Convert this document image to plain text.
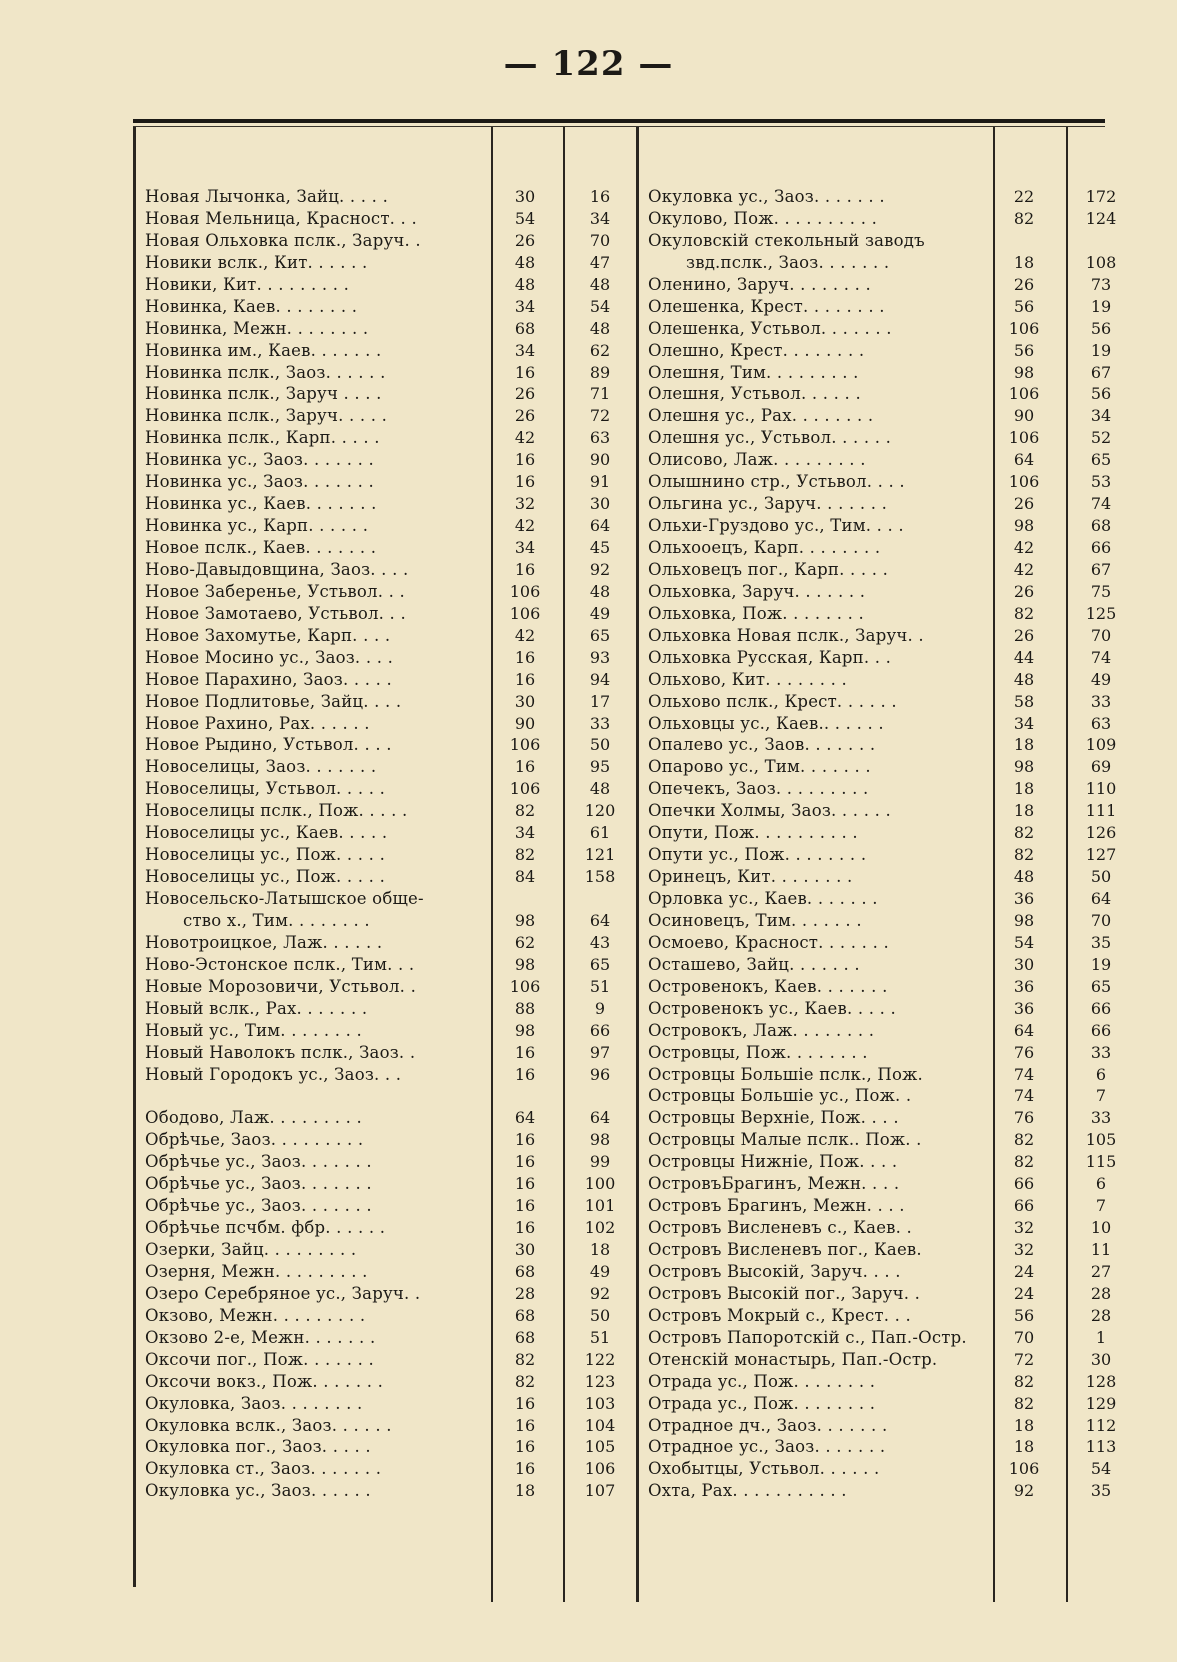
— 122 —
Новая Лычонка, Зайц. . . . .	30	16
Новая Мельница, Красност. . .	54	34
Новая Ольховка пслк., Заруч. .	26	70
Новики вслк., Кит. . . . . .	48	47
Новики, Кит. . . . . . . . .	48	48
Новинка, Каев. . . . . . . .	34	54
Новинка, Межн. . . . . . . .	68	48
Новинка им., Каев. . . . . . .	34	62
Новинка пслк., Заоз. . . . . .	16	89
Новинка пслк., Заруч . . . .	26	71
Новинка пслк., Заруч. . . . .	26	72
Новинка пслк., Карп. . . . .	42	63
Новинка ус., Заоз. . . . . . .	16	90
Новинка ус., Заоз. . . . . . .	16	91
Новинка ус., Каев. . . . . . .	32	30
Новинка ус., Карп. . . . . .	42	64
Новое пслк., Каев. . . . . . .	34	45
Ново-Давыдовщина, Заоз. . . .	16	92
Новое Заберенье, Устьвол. . .	106	48
Новое Замотаево, Устьвол. . .	106	49
Новое Захомутье, Карп. . . .	42	65
Новое Мосино ус., Заоз. . . .	16	93
Новое Парахино, Заоз. . . . .	16	94
Новое Подлитовье, Зайц. . . .	30	17
Новое Рахино, Рах. . . . . .	90	33
Новое Рыдино, Устьвол. . . .	106	50
Новоселицы, Заоз. . . . . . .	16	95
Новоселицы, Устьвол. . . . .	106	48
Новоселицы пслк., Пож. . . . .	82	120
Новоселицы ус., Каев. . . . .	34	61
Новоселицы ус., Пож. . . . .	82	121
Новоселицы ус., Пож. . . . .	84	158
Новосельско-Латышское обще-
ство х., Тим. . . . . . . .	98	64
Новотроицкое, Лаж. . . . . .	62	43
Ново-Эстонское пслк., Тим. . .	98	65
Новые Морозовичи, Устьвол. .	106	51
Новый вслк., Рах. . . . . . .	88	9
Новый ус., Тим. . . . . . . .	98	66
Новый Наволокъ пслк., Заоз. .	16	97
Новый Городокъ ус., Заоз. . .	16	96
Ободово, Лаж. . . . . . . . .	64	64
Обрѣчье, Заоз. . . . . . . . .	16	98
Обрѣчье ус., Заоз. . . . . . .	16	99
Обрѣчье ус., Заоз. . . . . . .	16	100
Обрѣчье ус., Заоз. . . . . . .	16	101
Обрѣчье псчбм. фбр. . . . . .	16	102
Озерки, Зайц. . . . . . . . .	30	18
Озерня, Межн. . . . . . . . .	68	49
Озеро Серебряное ус., Заруч. .	28	92
Окзово, Межн. . . . . . . . .	68	50
Окзово 2-е, Межн. . . . . . .	68	51
Оксочи пог., Пож. . . . . . .	82	122
Оксочи вокз., Пож. . . . . . .	82	123
Окуловка, Заоз. . . . . . . .	16	103
Окуловка вслк., Заоз. . . . . .	16	104
Окуловка пог., Заоз. . . . .	16	105
Окуловка ст., Заоз. . . . . . .	16	106
Окуловка ус., Заоз. . . . . .	18	107
Окуловка ус., Заоз. . . . . . .	22	172
Окулово, Пож. . . . . . . . . .	82	124
Окуловскій стекольный заводъ
звд.пслк., Заоз. . . . . . .	18	108
Оленино, Заруч. . . . . . . .	26	73
Олешенка, Крест. . . . . . . .	56	19
Олешенка, Устьвол. . . . . . .	106	56
Олешно, Крест. . . . . . . .	56	19
Олешня, Тим. . . . . . . . .	98	67
Олешня, Устьвол. . . . . .	106	56
Олешня ус., Рах. . . . . . . .	90	34
Олешня ус., Устьвол. . . . . .	106	52
Олисово, Лаж. . . . . . . . .	64	65
Олышнино стр., Устьвол. . . .	106	53
Ольгина ус., Заруч. . . . . . .	26	74
Ольхи-Груздово ус., Тим. . . .	98	68
Ольхооецъ, Карп. . . . . . . .	42	66
Ольховецъ пог., Карп. . . . .	42	67
Ольховка, Заруч. . . . . . .	26	75
Ольховка, Пож. . . . . . . .	82	125
Ольховка Новая пслк., Заруч. .	26	70
Ольховка Русская, Карп. . .	44	74
Ольхово, Кит. . . . . . . .	48	49
Ольхово пслк., Крест. . . . . .	58	33
Ольховцы ус., Каев.. . . . . .	34	63
Опалево ус., Заов. . . . . . .	18	109
Опарово ус., Тим. . . . . . .	98	69
Опечекъ, Заоз. . . . . . . . .	18	110
Опечки Холмы, Заоз. . . . . .	18	111
Опути, Пож. . . . . . . . . .	82	126
Опути ус., Пож. . . . . . . .	82	127
Оринецъ, Кит. . . . . . . .	48	50
Орловка ус., Каев. . . . . . .	36	64
Осиновецъ, Тим. . . . . . .	98	70
Осмоево, Красност. . . . . . .	54	35
Осташево, Зайц. . . . . . .	30	19
Островенокъ, Каев. . . . . . .	36	65
Островенокъ ус., Каев. . . . .	36	66
Островокъ, Лаж. . . . . . . .	64	66
Островцы, Пож. . . . . . . .	76	33
Островцы Большіе пслк., Пож.	74	6
Островцы Большіе ус., Пож. .	74	7
Островцы Верхніе, Пож. . . .	76	33
Островцы Малые пслк.. Пож. .	82	105
Островцы Нижніе, Пож. . . .	82	115
ОстровъБрагинъ, Межн. . . .	66	6
Островъ Брагинъ, Межн. . . .	66	7
Островъ Висленевъ с., Каев. .	32	10
Островъ Висленевъ пог., Каев.	32	11
Островъ Высокій, Заруч. . . .	24	27
Островъ Высокій пог., Заруч. .	24	28
Островъ Мокрый с., Крест. . .	56	28
Островъ Папоротскій с., Пап.-Остр.	70	1
Отенскій монастырь, Пап.-Остр.	72	30
Отрада ус., Пож. . . . . . . .	82	128
Отрада ус., Пож. . . . . . . .	82	129
Отрадное дч., Заоз. . . . . . .	18	112
Отрадное ус., Заоз. . . . . . .	18	113
Охобытцы, Устьвол. . . . . .	106	54
Охта, Рах. . . . . . . . . . .	92	35
